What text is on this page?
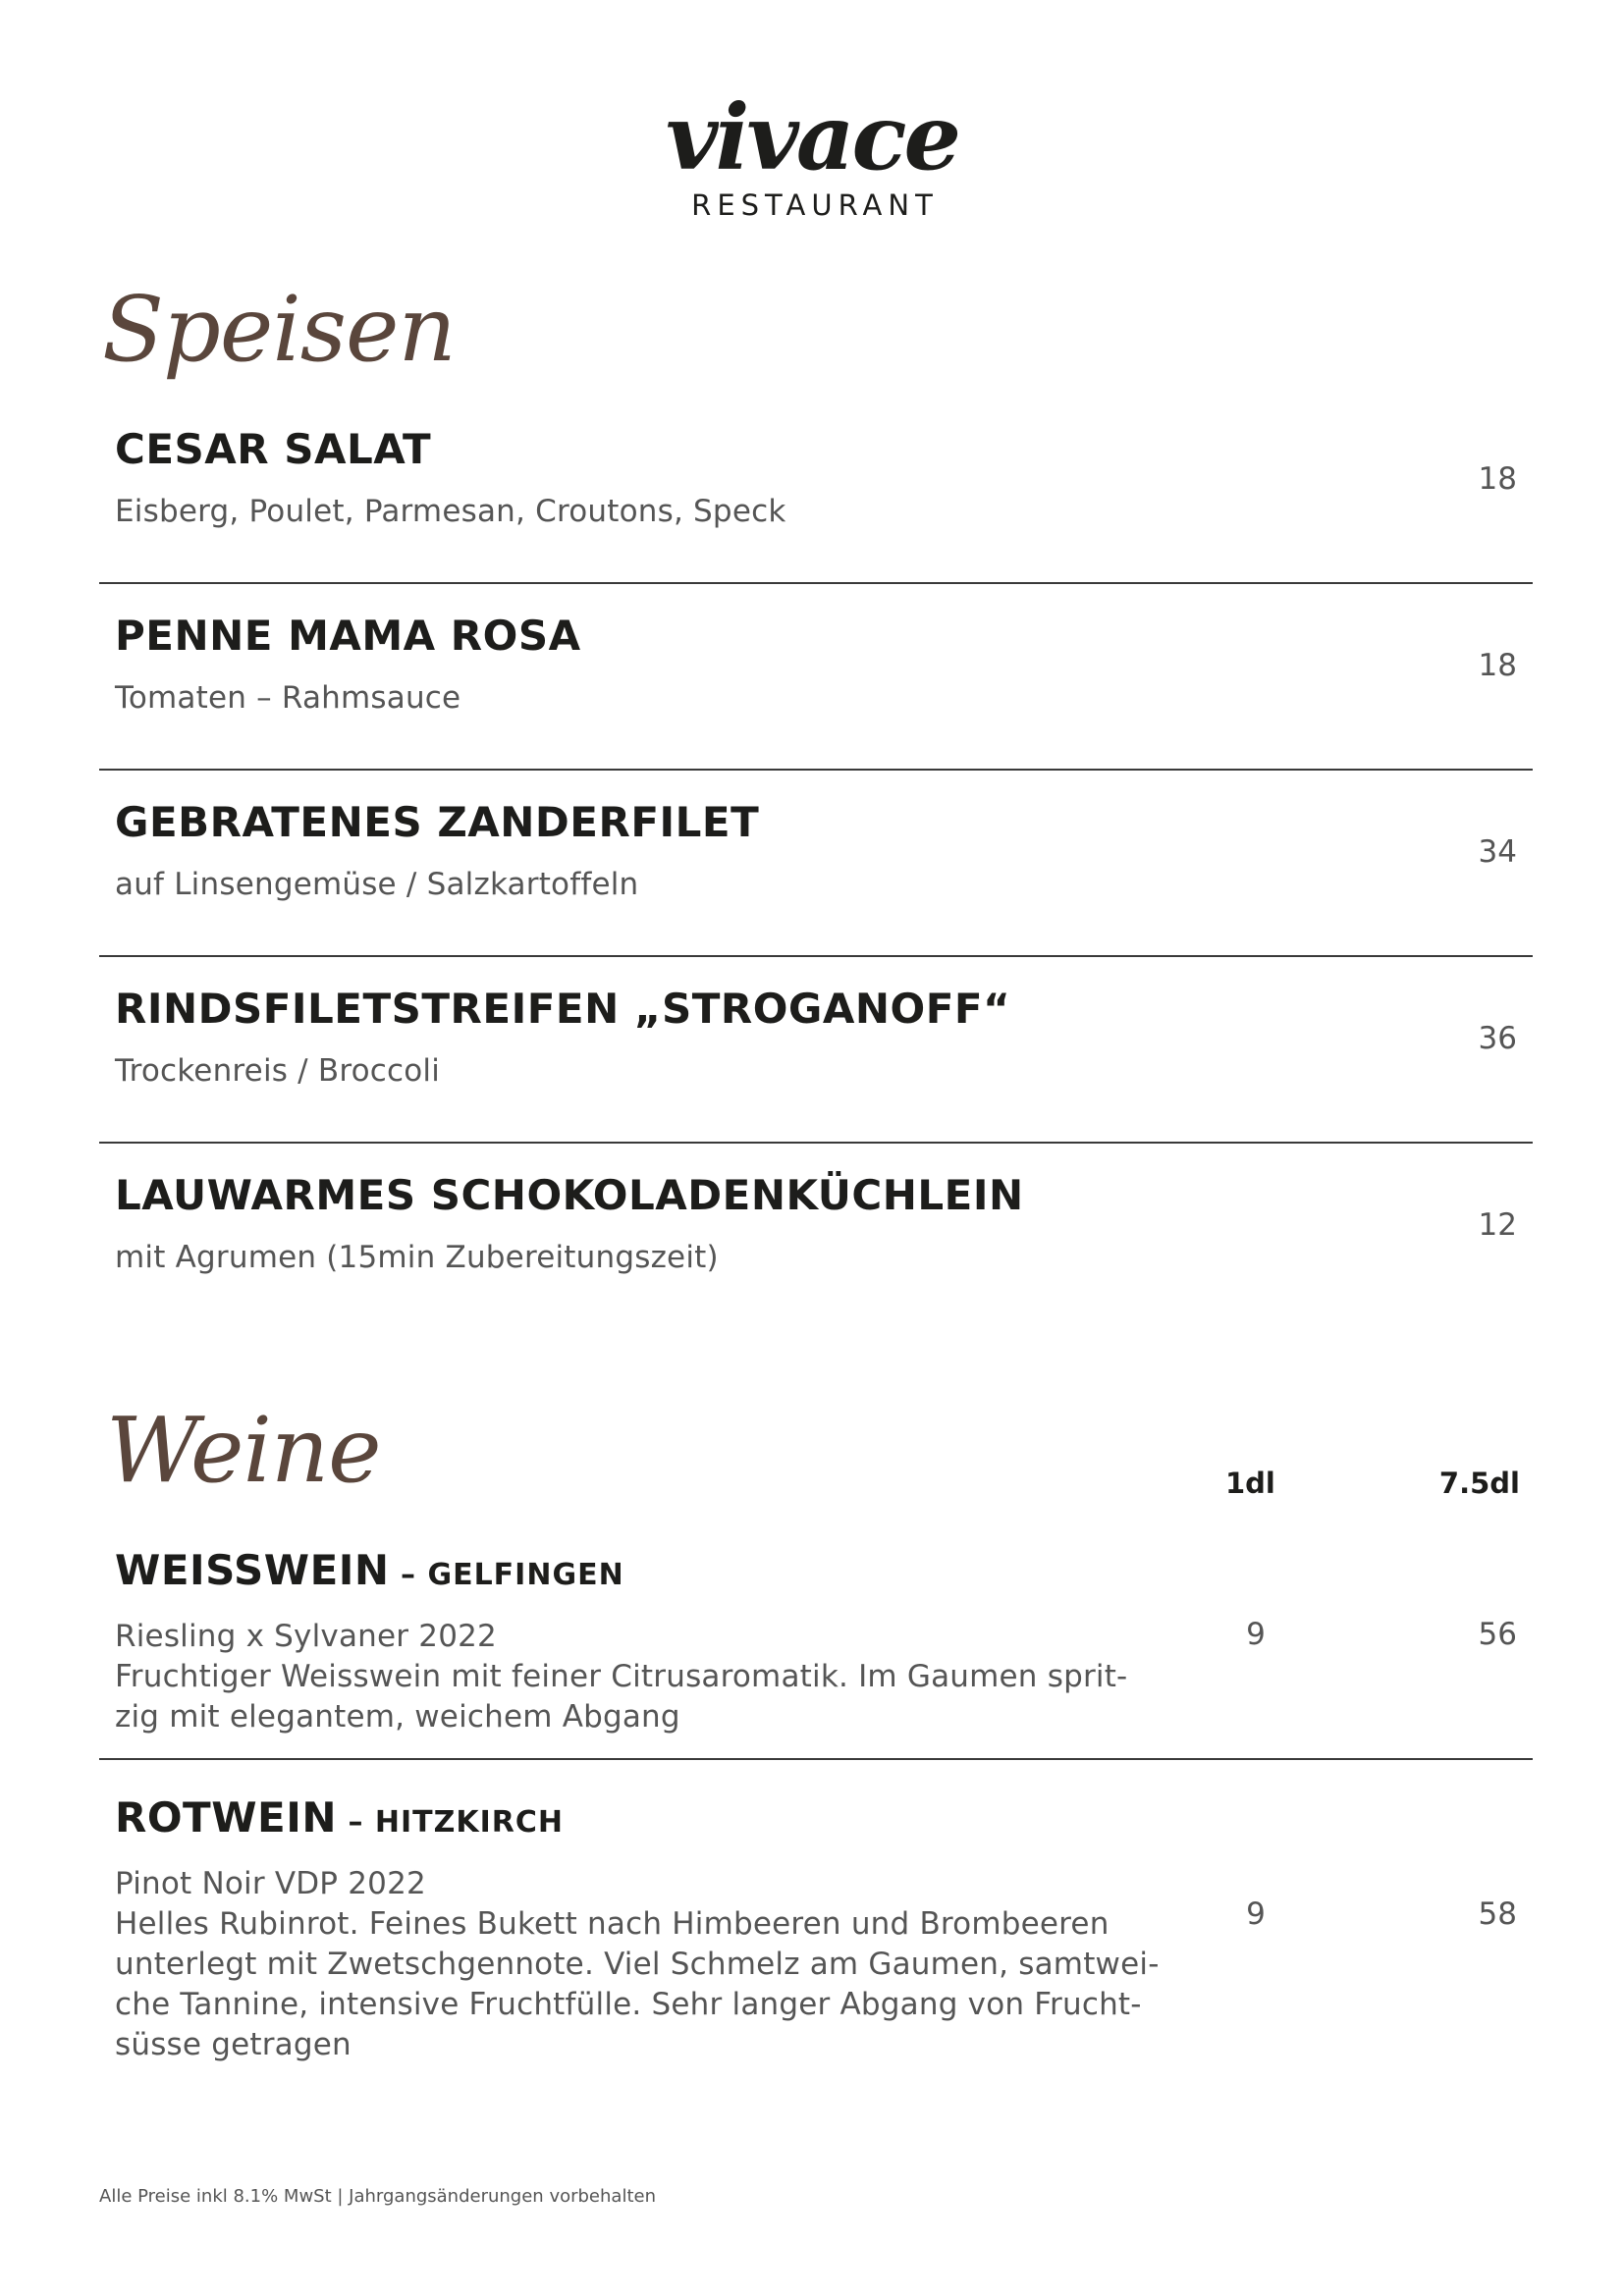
vivace
RESTAURANT
Speisen

CESAR SALAT

Eisberg, Poulet, Parmesan, Croutons, Speck

18

PENNE MAMA ROSA

Tomaten – Rahmsauce

18

GEBRATENES ZANDERFILET

auf Linsengemüse / Salzkartoffeln

34

RINDSFILETSTREIFEN „STROGANOFF“

Trockenreis / Broccoli

36

LAUWARMES SCHOKOLADENKÜCHLEIN

mit Agrumen (15min Zubereitungszeit)

12
Weine	1dl	7.5dl

WEISSWEIN – GELFINGEN

Riesling x Sylvaner 2022
Fruchtiger Weisswein mit feiner Citrusaromatik. Im Gaumen sprit-
zig mit elegantem, weichem Abgang
9	56

ROTWEIN – HITZKIRCH

Pinot Noir VDP 2022
Helles Rubinrot. Feines Bukett nach Himbeeren und Brombeeren
unterlegt mit Zwetschgennote. Viel Schmelz am Gaumen, samtwei-
che Tannine, intensive Fruchtfülle. Sehr langer Abgang von Frucht-
süsse getragen
9	58
Alle Preise inkl 8.1% MwSt | Jahrgangsänderungen vorbehalten
